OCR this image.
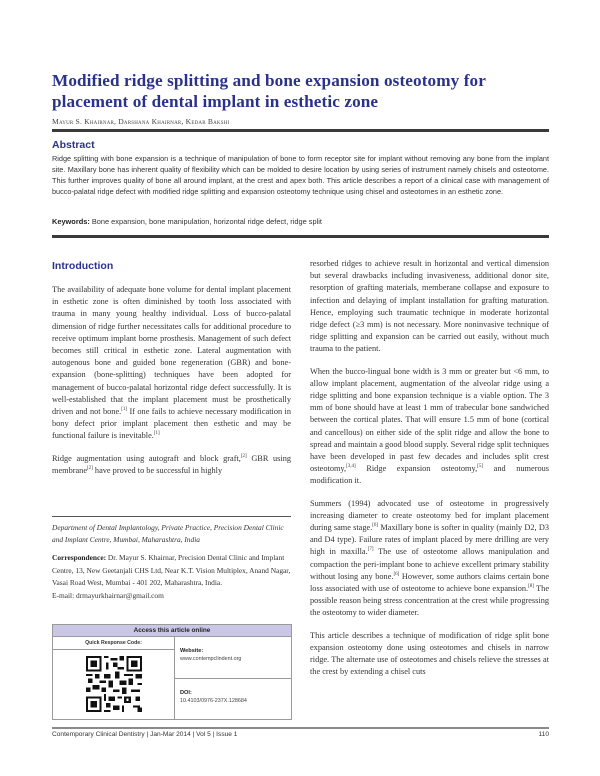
Modified ridge splitting and bone expansion osteotomy for placement of dental implant in esthetic zone
Mayur S. Khairnar, Darshana Khairnar, Kedar Bakshi
Abstract
Ridge splitting with bone expansion is a technique of manipulation of bone to form receptor site for implant without removing any bone from the implant site. Maxillary bone has inherent quality of flexibility which can be molded to desire location by using series of instrument namely chisels and osteotome. This further improves quality of bone all around implant, at the crest and apex both. This article describes a report of a clinical case with management of bucco-palatal ridge defect with modified ridge splitting and expansion osteotomy technique using chisel and osteotomes in an esthetic zone.
Keywords: Bone expansion, bone manipulation, horizontal ridge defect, ridge split
Introduction

The availability of adequate bone volume for dental implant placement in esthetic zone is often diminished by tooth loss associated with trauma in many young healthy individual. Loss of bucco-palatal dimension of ridge further necessitates calls for additional procedure to receive optimum implant borne prosthesis. Management of such defect becomes still critical in esthetic zone. Lateral augmentation with autogenous bone and guided bone regeneration (GBR) and bone-expansion (bone-splitting) techniques have been adopted for management of bucco-palatal horizontal ridge defect successfully. It is well-established that the implant placement must be prosthetically driven and not bone.[1] If one fails to achieve necessary modification in bony defect prior implant placement then esthetic and may be functional failure is inevitable.[1]

Ridge augmentation using autograft and block graft,[2] GBR using membrane[2] have proved to be successful in highly

Department of Dental Implantology, Private Practice, Precision Dental Clinic and Implant Centre, Mumbai, Maharashtra, India
Correspondence: Dr. Mayur S. Khairnar, Precision Dental Clinic and Implant Centre, 13, New Geetanjali CHS Ltd, Near K.T. Vision Multiplex, Anand Nagar, Vasai Road West, Mumbai - 401 202, Maharashtra, India.
E-mail: drmayurkhairnar@gmail.com
Access this article online
Quick Response Code:
Website:
www.contempclindent.org
DOI:
10.4103/0976-237X.128684

resorbed ridges to achieve result in horizontal and vertical dimension but several drawbacks including invasiveness, additional donor site, resorption of grafting materials, memberane collapse and exposure to infection and delaying of implant installation for grafting maturation. Hence, employing such traumatic technique in moderate horizontal ridge defect (≥3 mm) is not necessary. More noninvasive technique of ridge splitting and expansion can be carried out easily, without much trauma to the patient.

When the bucco-lingual bone width is 3 mm or greater but <6 mm, to allow implant placement, augmentation of the alveolar ridge using a ridge splitting and bone expansion technique is a viable option. The 3 mm of bone should have at least 1 mm of trabecular bone sandwiched between the cortical plates. That will ensure 1.5 mm of bone (cortical and cancellous) on either side of the split ridge and allow the bone to spread and maintain a good blood supply. Several ridge split techniques have been developed in past few decades and includes split crest osteotomy,[3,4] Ridge expansion osteotomy,[5] and numerous modification it.

Summers (1994) advocated use of osteotome in progressively increasing diameter to create osteotomy bed for implant placement during same stage.[6] Maxillary bone is softer in quality (mainly D2, D3 and D4 type). Failure rates of implant placed by mere drilling are very high in maxilla.[7] The use of osteotome allows manipulation and compaction the peri-implant bone to achieve excellent primary stability without losing any bone.[6] However, some authors claims certain bone loss associated with use of osteotome to achieve bone expansion.[8] The possible reason being stress concentration at the crest while progressing the osteotomy to wider diameter.

This article describes a technique of modification of ridge split bone expansion osteotomy done using osteotomes and chisels in narrow ridge. The alternate use of osteotomes and chisels relieve the stresses at the crest by extending a chisel cuts

Contemporary Clinical Dentistry | Jan-Mar 2014 | Vol 5 | Issue 1	110
